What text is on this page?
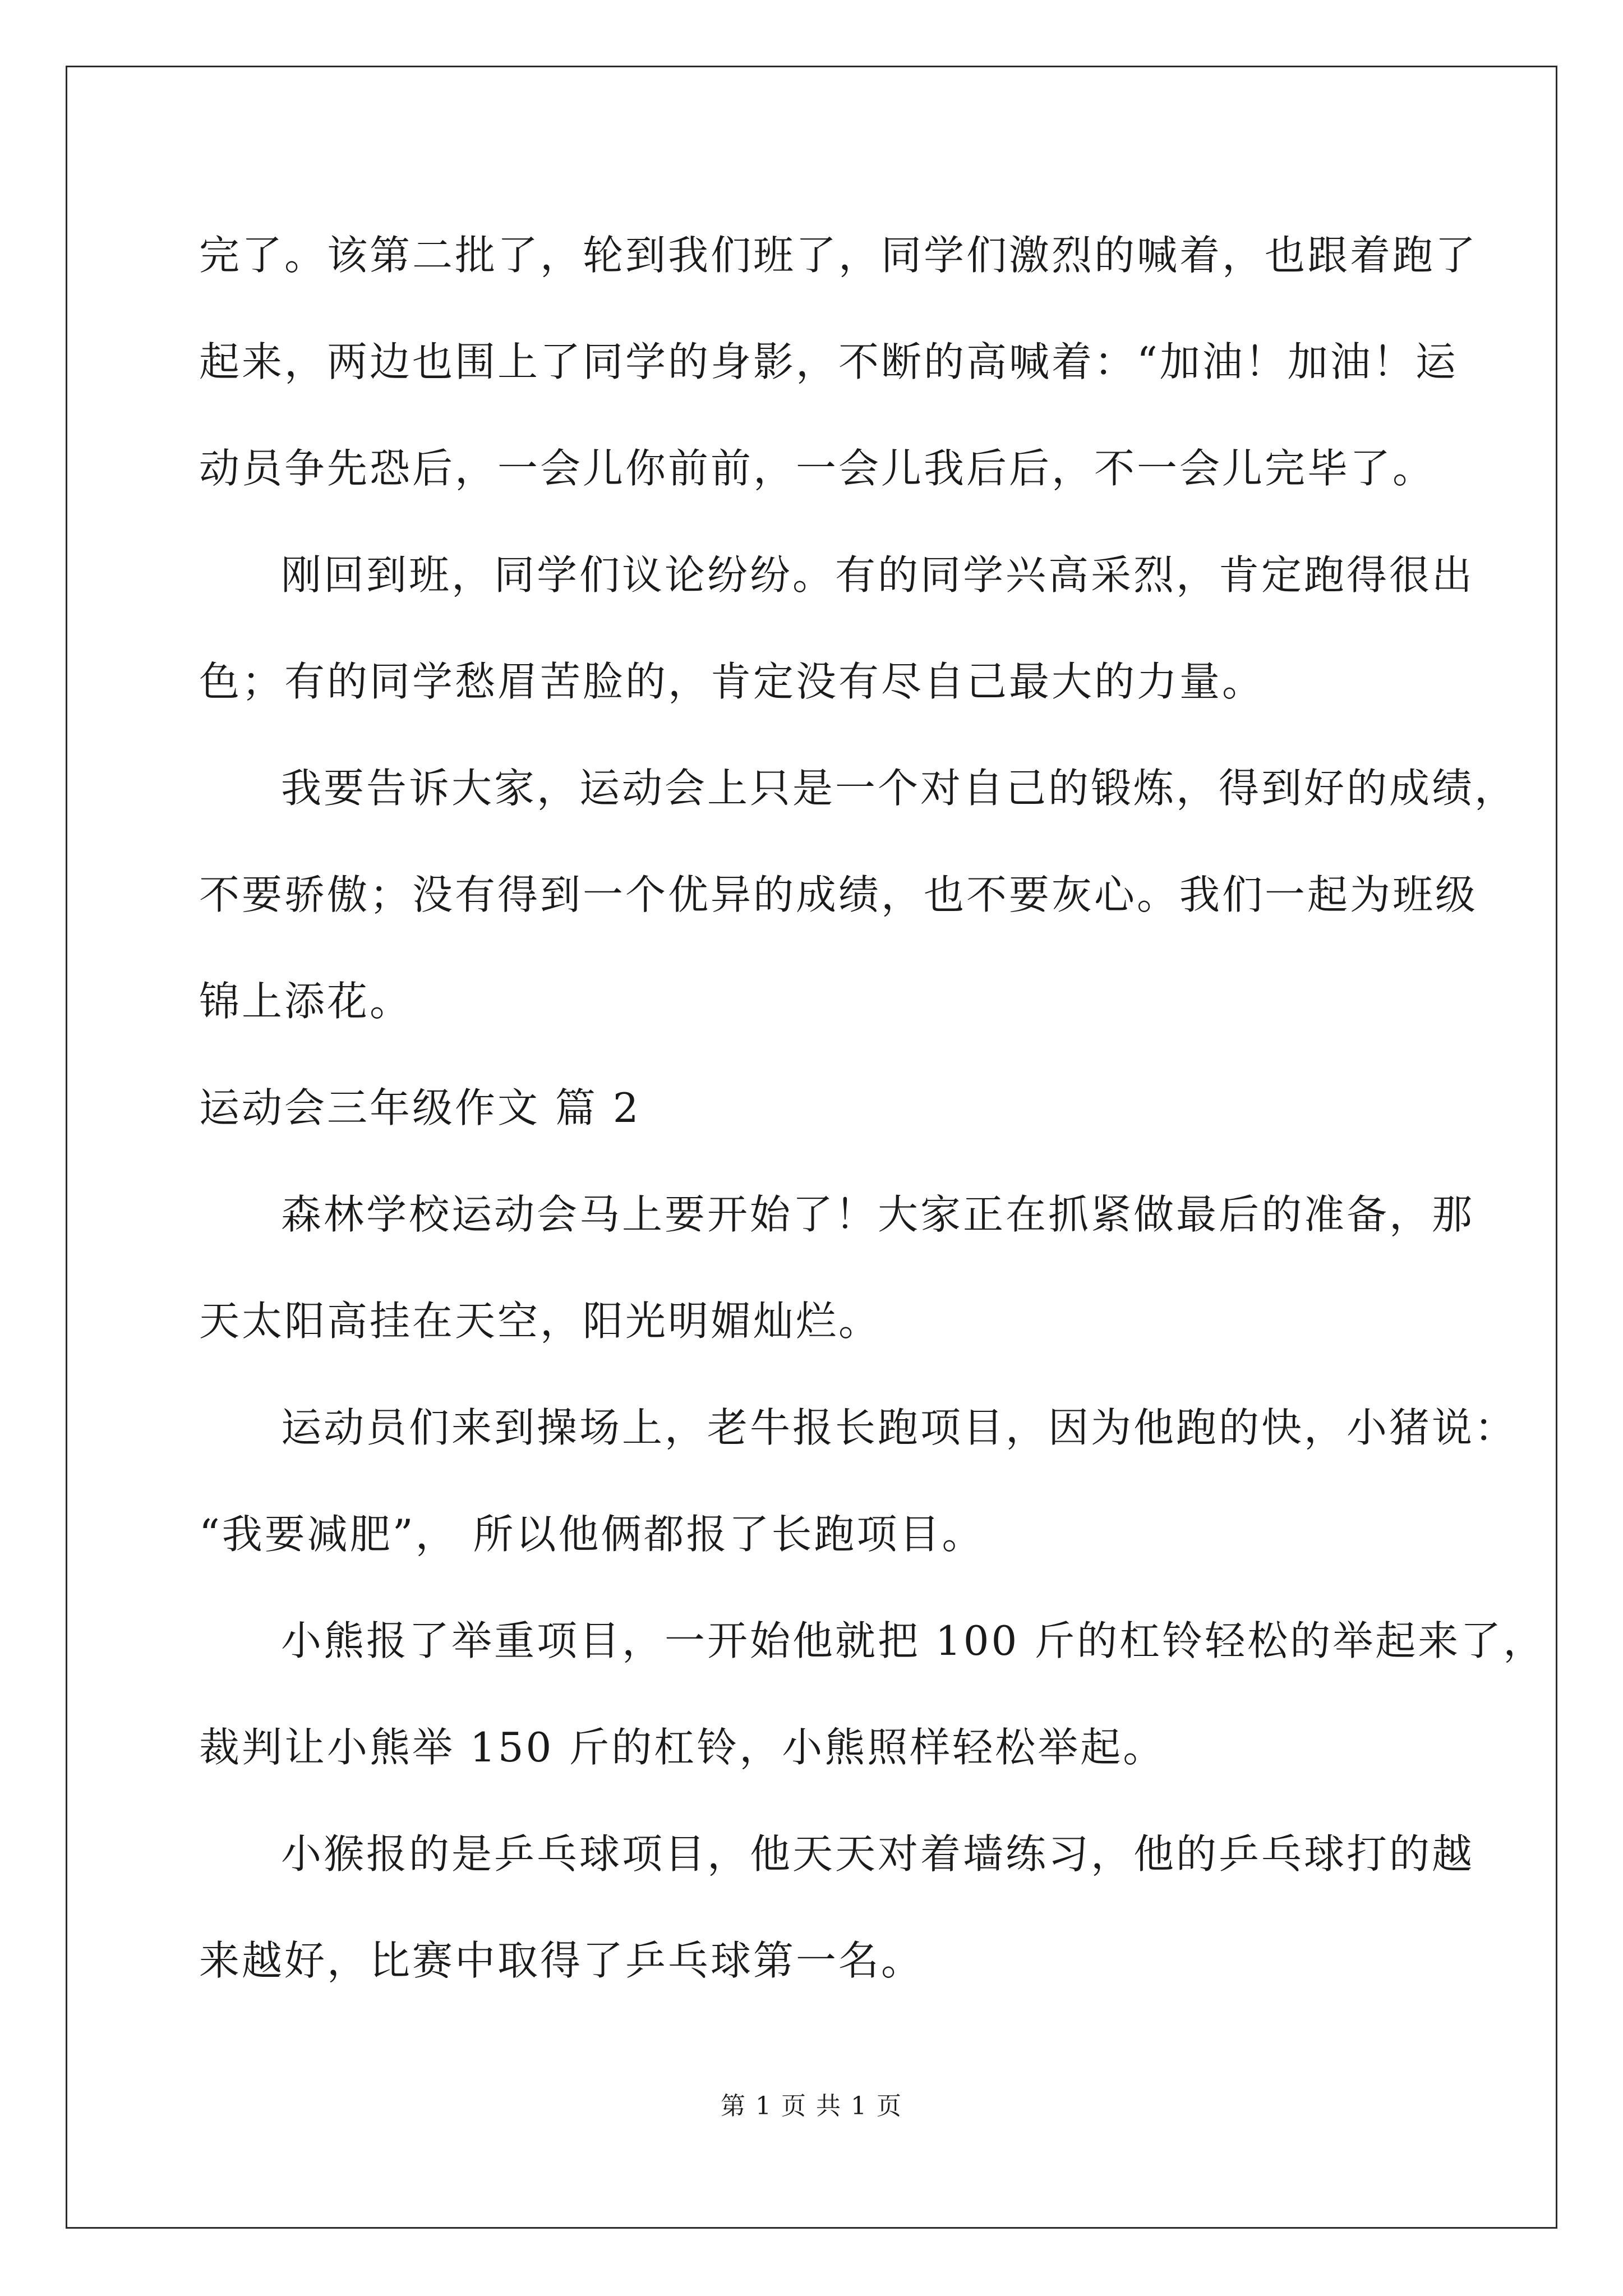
完了。该第二批了，轮到我们班了，同学们激烈的喊着，也跟着跑了
起来，两边也围上了同学的身影，不断的高喊着：“加油！加油！运
动员争先恐后，一会儿你前前，一会儿我后后，不一会儿完毕了。
刚回到班，同学们议论纷纷。有的同学兴高采烈，肯定跑得很出
色；有的同学愁眉苦脸的，肯定没有尽自己最大的力量。
我要告诉大家，运动会上只是一个对自己的锻炼，得到好的成绩，
不要骄傲；没有得到一个优异的成绩，也不要灰心。我们一起为班级
锦上添花。
运动会三年级作文 篇 2
森林学校运动会马上要开始了！大家正在抓紧做最后的准备，那
天太阳高挂在天空，阳光明媚灿烂。
运动员们来到操场上，老牛报长跑项目，因为他跑的快，小猪说：
“我要减肥”， 所以他俩都报了长跑项目。
小熊报了举重项目，一开始他就把 100 斤的杠铃轻松的举起来了，
裁判让小熊举 150 斤的杠铃，小熊照样轻松举起。
小猴报的是乒乓球项目，他天天对着墙练习，他的乒乓球打的越
来越好，比赛中取得了乒乓球第一名。
第 1 页 共 1 页
